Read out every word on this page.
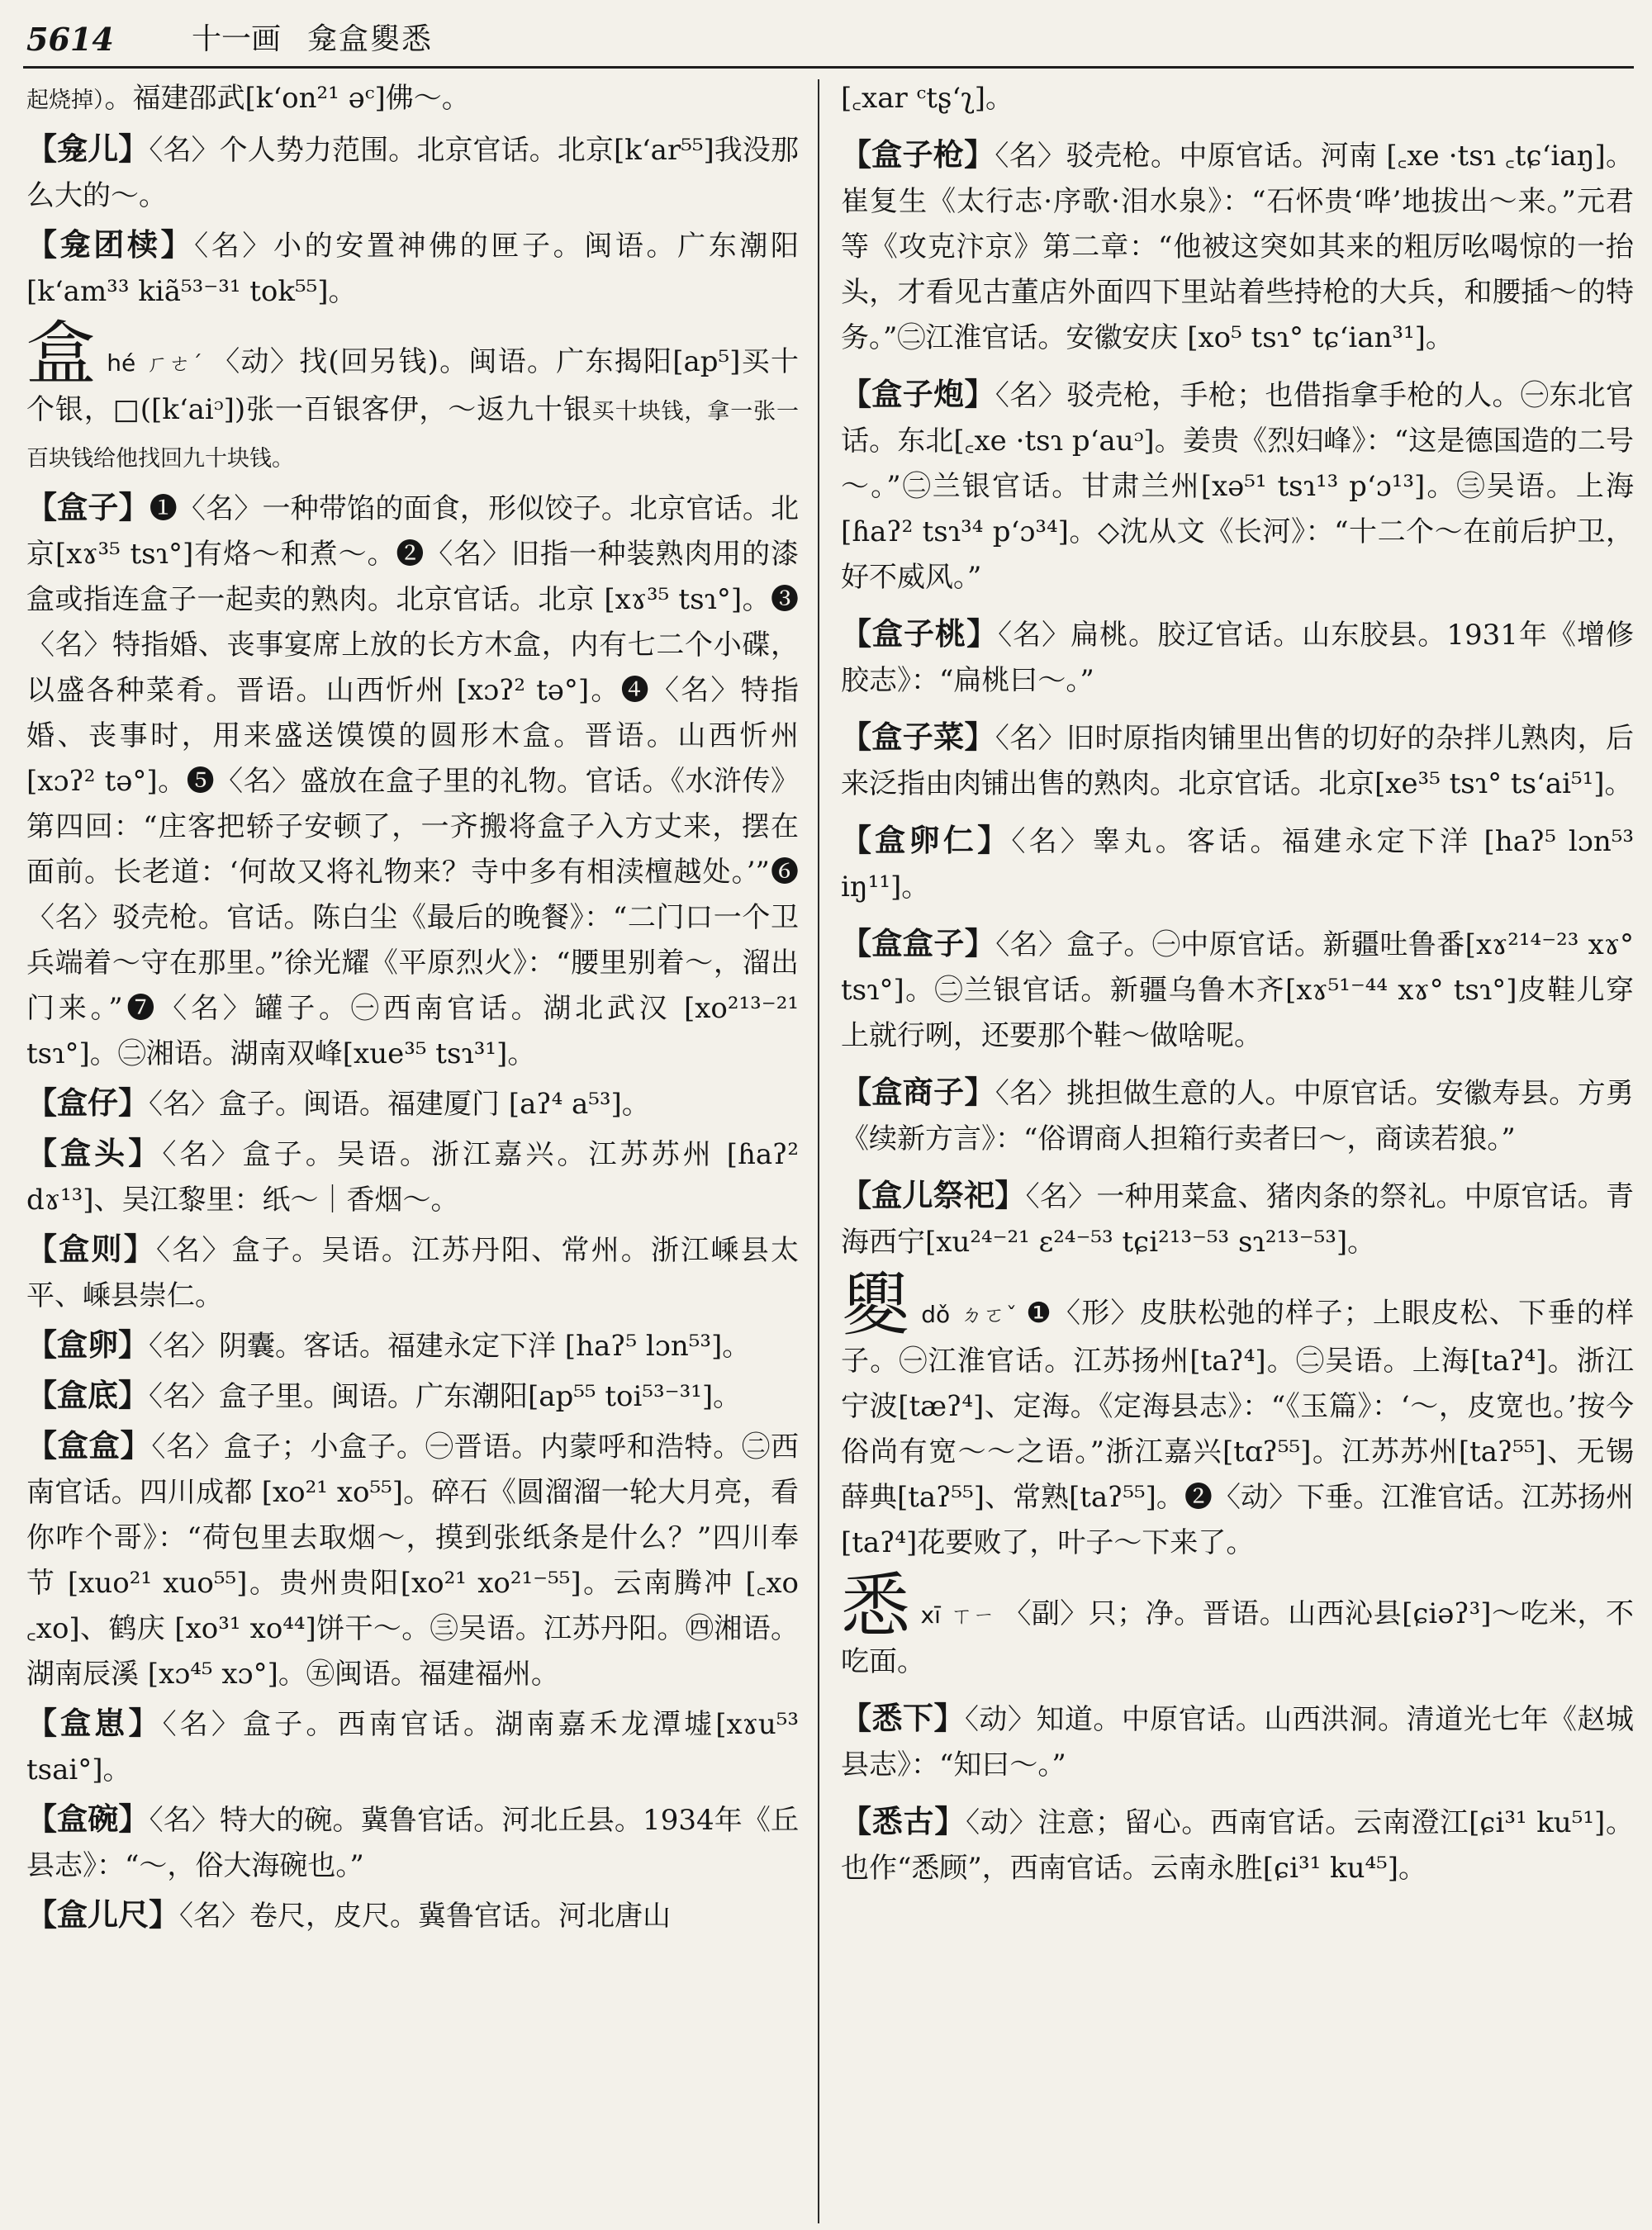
5614	十一画 龛盒夓悉
起烧掉）。福建邵武[kʻon²¹ əᶜ]佛～。
【龛儿】〈名〉个人势力范围。北京官话。北京[kʻar⁵⁵]我没那么大的～。
【龛团椟】〈名〉小的安置神佛的匣子。闽语。广东潮阳[kʻam³³ kiã⁵³⁻³¹ tok⁵⁵]。
盒hé ㄏㄜˊ 〈动〉找(回另钱)。闽语。广东揭阳[ap⁵]买十个银，□([kʻaiᵓ])张一百银客伊，～返九十银买十块钱，拿一张一百块钱给他找回九十块钱。
【盒子】❶〈名〉一种带馅的面食，形似饺子。北京官话。北京[xɤ³⁵ tsɿ°]有烙～和煮～。❷〈名〉旧指一种装熟肉用的漆盒或指连盒子一起卖的熟肉。北京官话。北京 [xɤ³⁵ tsɿ°]。❸〈名〉特指婚、丧事宴席上放的长方木盒，内有七二个小碟，以盛各种菜肴。晋语。山西忻州 [xɔʔ² tə°]。❹〈名〉特指婚、丧事时，用来盛送馍馍的圆形木盒。晋语。山西忻州 [xɔʔ² tə°]。❺〈名〉盛放在盒子里的礼物。官话。《水浒传》第四回：“庄客把轿子安顿了，一齐搬将盒子入方丈来，摆在面前。长老道：‘何故又将礼物来？寺中多有相渎檀越处。’”❻〈名〉驳壳枪。官话。陈白尘《最后的晚餐》：“二门口一个卫兵端着～守在那里。”徐光耀《平原烈火》：“腰里别着～，溜出门来。”❼〈名〉罐子。㊀西南官话。湖北武汉 [xo²¹³⁻²¹ tsɿ°]。㊁湘语。湖南双峰[xue³⁵ tsɿ³¹]。
【盒仔】〈名〉盒子。闽语。福建厦门 [aʔ⁴ a⁵³]。
【盒头】〈名〉盒子。吴语。浙江嘉兴。江苏苏州 [ɦaʔ² dɤ¹³]、吴江黎里：纸～｜香烟～。
【盒则】〈名〉盒子。吴语。江苏丹阳、常州。浙江嵊县太平、嵊县崇仁。
【盒卵】〈名〉阴囊。客话。福建永定下洋 [haʔ⁵ lɔn⁵³]。
【盒底】〈名〉盒子里。闽语。广东潮阳[ap⁵⁵ toi⁵³⁻³¹]。
【盒盒】〈名〉盒子；小盒子。㊀晋语。内蒙呼和浩特。㊁西南官话。四川成都 [xo²¹ xo⁵⁵]。碎石《圆溜溜一轮大月亮，看你咋个哥》：“荷包里去取烟～，摸到张纸条是什么？”四川奉节 [xuo²¹ xuo⁵⁵]。贵州贵阳[xo²¹ xo²¹⁻⁵⁵]。云南腾冲 [꜀xo ꜀xo]、鹤庆 [xo³¹ xo⁴⁴]饼干～。㊂吴语。江苏丹阳。㊃湘语。湖南辰溪 [xɔ⁴⁵ xɔ°]。㊄闽语。福建福州。
【盒崽】〈名〉盒子。西南官话。湖南嘉禾龙潭墟[xɤu⁵³ tsai°]。
【盒碗】〈名〉特大的碗。冀鲁官话。河北丘县。1934年《丘县志》：“～，俗大海碗也。”
【盒儿尺】〈名〉卷尺，皮尺。冀鲁官话。河北唐山
[꜀xar ᶜtʂʻʅ]。
【盒子枪】〈名〉驳壳枪。中原官话。河南 [꜀xe ·tsɿ ꜀tɕʻiaŋ]。崔复生《太行志·序歌·泪水泉》：“石怀贵‘哗’地拔出～来。”元君等《攻克汴京》第二章：“他被这突如其来的粗厉吆喝惊的一抬头，才看见古董店外面四下里站着些持枪的大兵，和腰插～的特务。”㊁江淮官话。安徽安庆 [xo⁵ tsɿ° tɕʻian³¹]。
【盒子炮】〈名〉驳壳枪，手枪；也借指拿手枪的人。㊀东北官话。东北[꜀xe ·tsɿ pʻauᵓ]。姜贵《烈妇峰》：“这是德国造的二号～。”㊁兰银官话。甘肃兰州[xə⁵¹ tsɿ¹³ pʻɔ¹³]。㊂吴语。上海 [ɦaʔ² tsɿ³⁴ pʻɔ³⁴]。◇沈从文《长河》：“十二个～在前后护卫，好不威风。”
【盒子桃】〈名〉扁桃。胶辽官话。山东胶县。1931年《增修胶志》：“扁桃曰～。”
【盒子菜】〈名〉旧时原指肉铺里出售的切好的杂拌儿熟肉，后来泛指由肉铺出售的熟肉。北京官话。北京[xe³⁵ tsɿ° tsʻai⁵¹]。
【盒卵仁】〈名〉睾丸。客话。福建永定下洋 [haʔ⁵ lɔn⁵³ iŋ¹¹]。
【盒盒子】〈名〉盒子。㊀中原官话。新疆吐鲁番[xɤ²¹⁴⁻²³ xɤ° tsɿ°]。㊁兰银官话。新疆乌鲁木齐[xɤ⁵¹⁻⁴⁴ xɤ° tsɿ°]皮鞋儿穿上就行咧，还要那个鞋～做啥呢。
【盒商子】〈名〉挑担做生意的人。中原官话。安徽寿县。方勇《续新方言》：“俗谓商人担箱行卖者曰～，商读若狼。”
【盒儿祭祀】〈名〉一种用菜盒、猪肉条的祭礼。中原官话。青海西宁[xu²⁴⁻²¹ ɛ²⁴⁻⁵³ tɕi²¹³⁻⁵³ sɿ²¹³⁻⁵³]。
夓dǒ ㄉㄛˇ ❶〈形〉皮肤松弛的样子；上眼皮松、下垂的样子。㊀江淮官话。江苏扬州[taʔ⁴]。㊁吴语。上海[taʔ⁴]。浙江宁波[tæʔ⁴]、定海。《定海县志》：“《玉篇》：‘～，皮宽也。’按今俗尚有宽～～之语。”浙江嘉兴[tɑʔ⁵⁵]。江苏苏州[taʔ⁵⁵]、无锡薛典[taʔ⁵⁵]、常熟[taʔ⁵⁵]。❷〈动〉下垂。江淮官话。江苏扬州[taʔ⁴]花要败了，叶子～下来了。
悉xī ㄒㄧ 〈副〉只；净。晋语。山西沁县[ɕiəʔ³]～吃米，不吃面。
【悉下】〈动〉知道。中原官话。山西洪洞。清道光七年《赵城县志》：“知曰～。”
【悉古】〈动〉注意；留心。西南官话。云南澄江[ɕi³¹ ku⁵¹]。也作“悉顾”，西南官话。云南永胜[ɕi³¹ ku⁴⁵]。
